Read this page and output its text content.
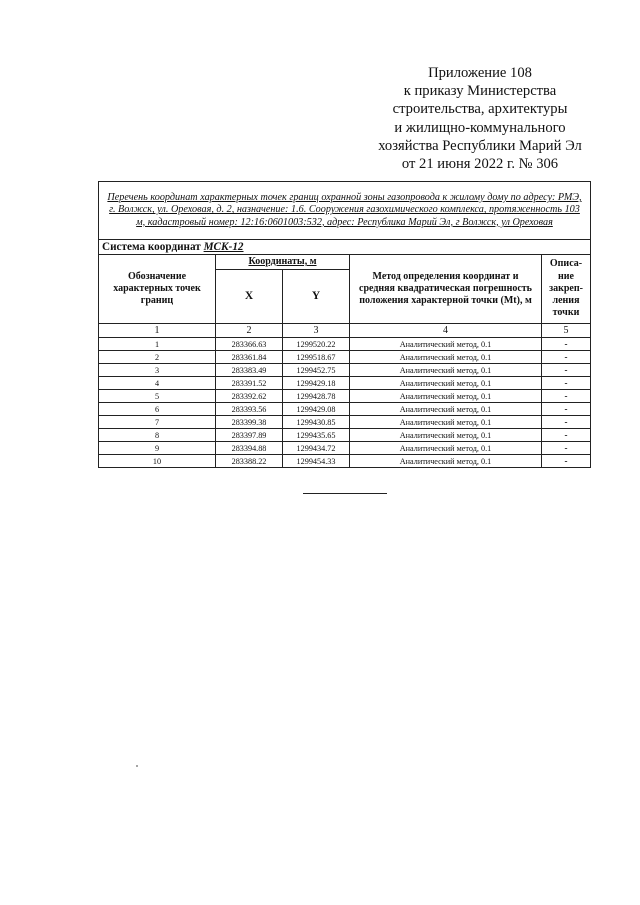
Приложение 108
к приказу Министерства
строительства, архитектуры
и жилищно-коммунального
хозяйства Республики Марий Эл
от 21 июня 2022 г. № 306
Перечень координат характерных точек границ охранной зоны газопровода к жилому дому по адресу: РМЭ, г. Волжск, ул. Ореховая, д. 2, назначение: 1.6. Сооружения газохимического комплекса, протяженность 103 м, кадастровый номер: 12:16:0601003:532, адрес: Республика Марий Эл, г Волжск, ул Ореховая				
Система координат МСК-12				
Обозначение характерных точек границ	Координаты, м		Метод определения координат и средняя квадратическая погрешность положения характерной точки (Mt), м	Описа-ние закреп-ления точки
	X	Y		
1	2	3	4	5
1	283366.63	1299520.22	Аналитический метод, 0.1	-
2	283361.84	1299518.67	Аналитический метод, 0.1	-
3	283383.49	1299452.75	Аналитический метод, 0.1	-
4	283391.52	1299429.18	Аналитический метод, 0.1	-
5	283392.62	1299428.78	Аналитический метод, 0.1	-
6	283393.56	1299429.08	Аналитический метод, 0.1	-
7	283399.38	1299430.85	Аналитический метод, 0.1	-
8	283397.89	1299435.65	Аналитический метод, 0.1	-
9	283394.88	1299434.72	Аналитический метод, 0.1	-
10	283388.22	1299454.33	Аналитический метод, 0.1	-
